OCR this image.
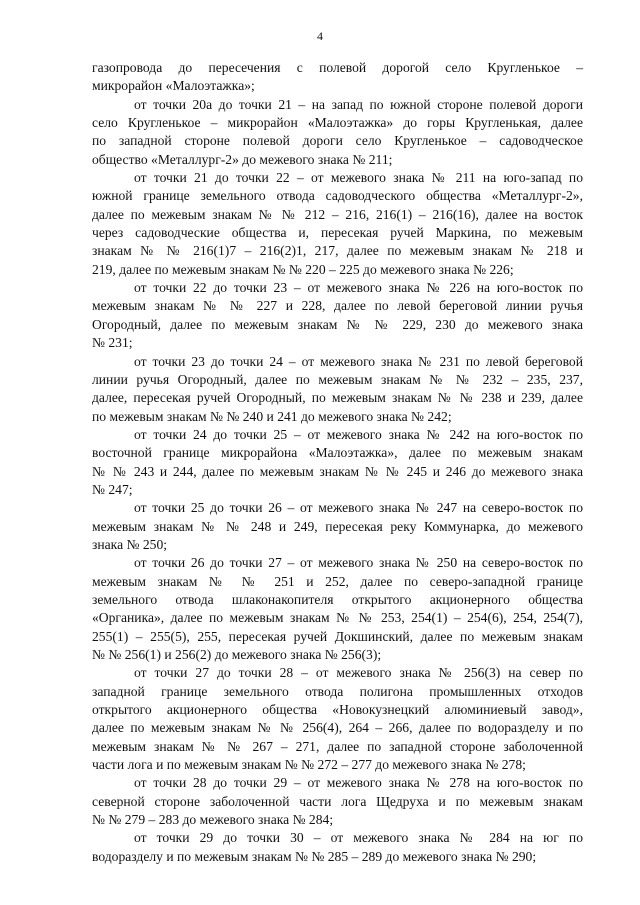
4
газопровода до пересечения с полевой дорогой село Кругленькое –
микрорайон «Малоэтажка»;
от точки 20а до точки 21 – на запад по южной стороне полевой дороги
село Кругленькое – микрорайон «Малоэтажка» до горы Кругленькая, далее
по западной стороне полевой дороги село Кругленькое – садоводческое
общество «Металлург-2» до межевого знака № 211;
от точки 21 до точки 22 – от межевого знака № 211 на юго-запад по
южной границе земельного отвода садоводческого общества «Металлург-2»,
далее по межевым знакам № № 212 – 216, 216(1) – 216(16), далее на восток
через садоводческие общества и, пересекая ручей Маркина, по межевым
знакам № № 216(1)7 – 216(2)1, 217, далее по межевым знакам № 218 и
219, далее по межевым знакам № № 220 – 225 до межевого знака № 226;
от точки 22 до точки 23 – от межевого знака № 226 на юго-восток по
межевым знакам № № 227 и 228, далее по левой береговой линии ручья
Огородный, далее по межевым знакам № № 229, 230 до межевого знака
№ 231;
от точки 23 до точки 24 – от межевого знака № 231 по левой береговой
линии ручья Огородный, далее по межевым знакам № № 232 – 235, 237,
далее, пересекая ручей Огородный, по межевым знакам № № 238 и 239, далее
по межевым знакам № № 240 и 241 до межевого знака № 242;
от точки 24 до точки 25 – от межевого знака № 242 на юго-восток по
восточной границе микрорайона «Малоэтажка», далее по межевым знакам
№ № 243 и 244, далее по межевым знакам № № 245 и 246 до межевого знака
№ 247;
от точки 25 до точки 26 – от межевого знака № 247 на северо-восток по
межевым знакам № № 248 и 249, пересекая реку Коммунарка, до межевого
знака № 250;
от точки 26 до точки 27 – от межевого знака № 250 на северо-восток по
межевым знакам № № 251 и 252, далее по северо-западной границе
земельного отвода шлаконакопителя открытого акционерного общества
«Органика», далее по межевым знакам № № 253, 254(1) – 254(6), 254, 254(7),
255(1) – 255(5), 255, пересекая ручей Докшинский, далее по межевым знакам
№ № 256(1) и 256(2) до межевого знака № 256(3);
от точки 27 до точки 28 – от межевого знака № 256(3) на север по
западной границе земельного отвода полигона промышленных отходов
открытого акционерного общества «Новокузнецкий алюминиевый завод»,
далее по межевым знакам № № 256(4), 264 – 266, далее по водоразделу и по
межевым знакам № № 267 – 271, далее по западной стороне заболоченной
части лога и по межевым знакам № № 272 – 277 до межевого знака № 278;
от точки 28 до точки 29 – от межевого знака № 278 на юго-восток по
северной стороне заболоченной части лога Щедруха и по межевым знакам
№ № 279 – 283 до межевого знака № 284;
от точки 29 до точки 30 – от межевого знака № 284 на юг по
водоразделу и по межевым знакам № № 285 – 289 до межевого знака № 290;
